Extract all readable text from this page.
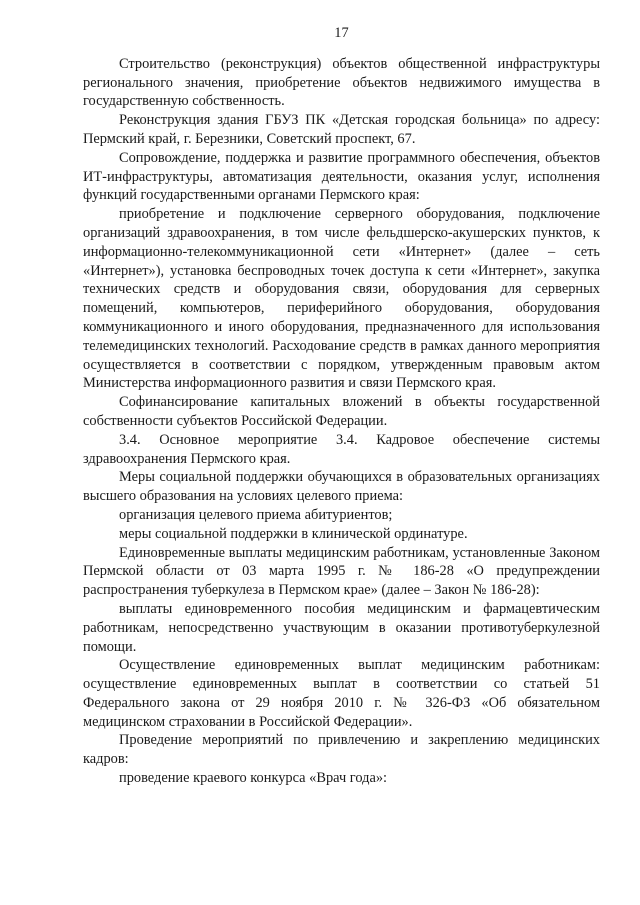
17

Строительство (реконструкция) объектов общественной инфраструктуры регионального значения, приобретение объектов недвижимого имущества в государственную собственность.

Реконструкция здания ГБУЗ ПК «Детская городская больница» по адресу: Пермский край, г. Березники, Советский проспект, 67.

Сопровождение, поддержка и развитие программного обеспечения, объектов ИТ-инфраструктуры, автоматизация деятельности, оказания услуг, исполнения функций государственными органами Пермского края:

приобретение и подключение серверного оборудования, подключение организаций здравоохранения, в том числе фельдшерско-акушерских пунктов, к информационно-телекоммуникационной сети «Интернет» (далее – сеть «Интернет»), установка беспроводных точек доступа к сети «Интернет», закупка технических средств и оборудования связи, оборудования для серверных помещений, компьютеров, периферийного оборудования, оборудования коммуникационного и иного оборудования, предназначенного для использования телемедицинских технологий. Расходование средств в рамках данного мероприятия осуществляется в соответствии с порядком, утвержденным правовым актом Министерства информационного развития и связи Пермского края.

Софинансирование капитальных вложений в объекты государственной собственности субъектов Российской Федерации.

3.4. Основное мероприятие 3.4. Кадровое обеспечение системы здравоохранения Пермского края.

Меры социальной поддержки обучающихся в образовательных организациях высшего образования на условиях целевого приема:

организация целевого приема абитуриентов;

меры социальной поддержки в клинической ординатуре.

Единовременные выплаты медицинским работникам, установленные Законом Пермской области от 03 марта 1995 г. № 186-28 «О предупреждении распространения туберкулеза в Пермском крае» (далее – Закон № 186-28):

выплаты единовременного пособия медицинским и фармацевтическим работникам, непосредственно участвующим в оказании противотуберкулезной помощи.

Осуществление единовременных выплат медицинским работникам: осуществление единовременных выплат в соответствии со статьей 51 Федерального закона от 29 ноября 2010 г. № 326-ФЗ «Об обязательном медицинском страховании в Российской Федерации».

Проведение мероприятий по привлечению и закреплению медицинских кадров:

проведение краевого конкурса «Врач года»:
